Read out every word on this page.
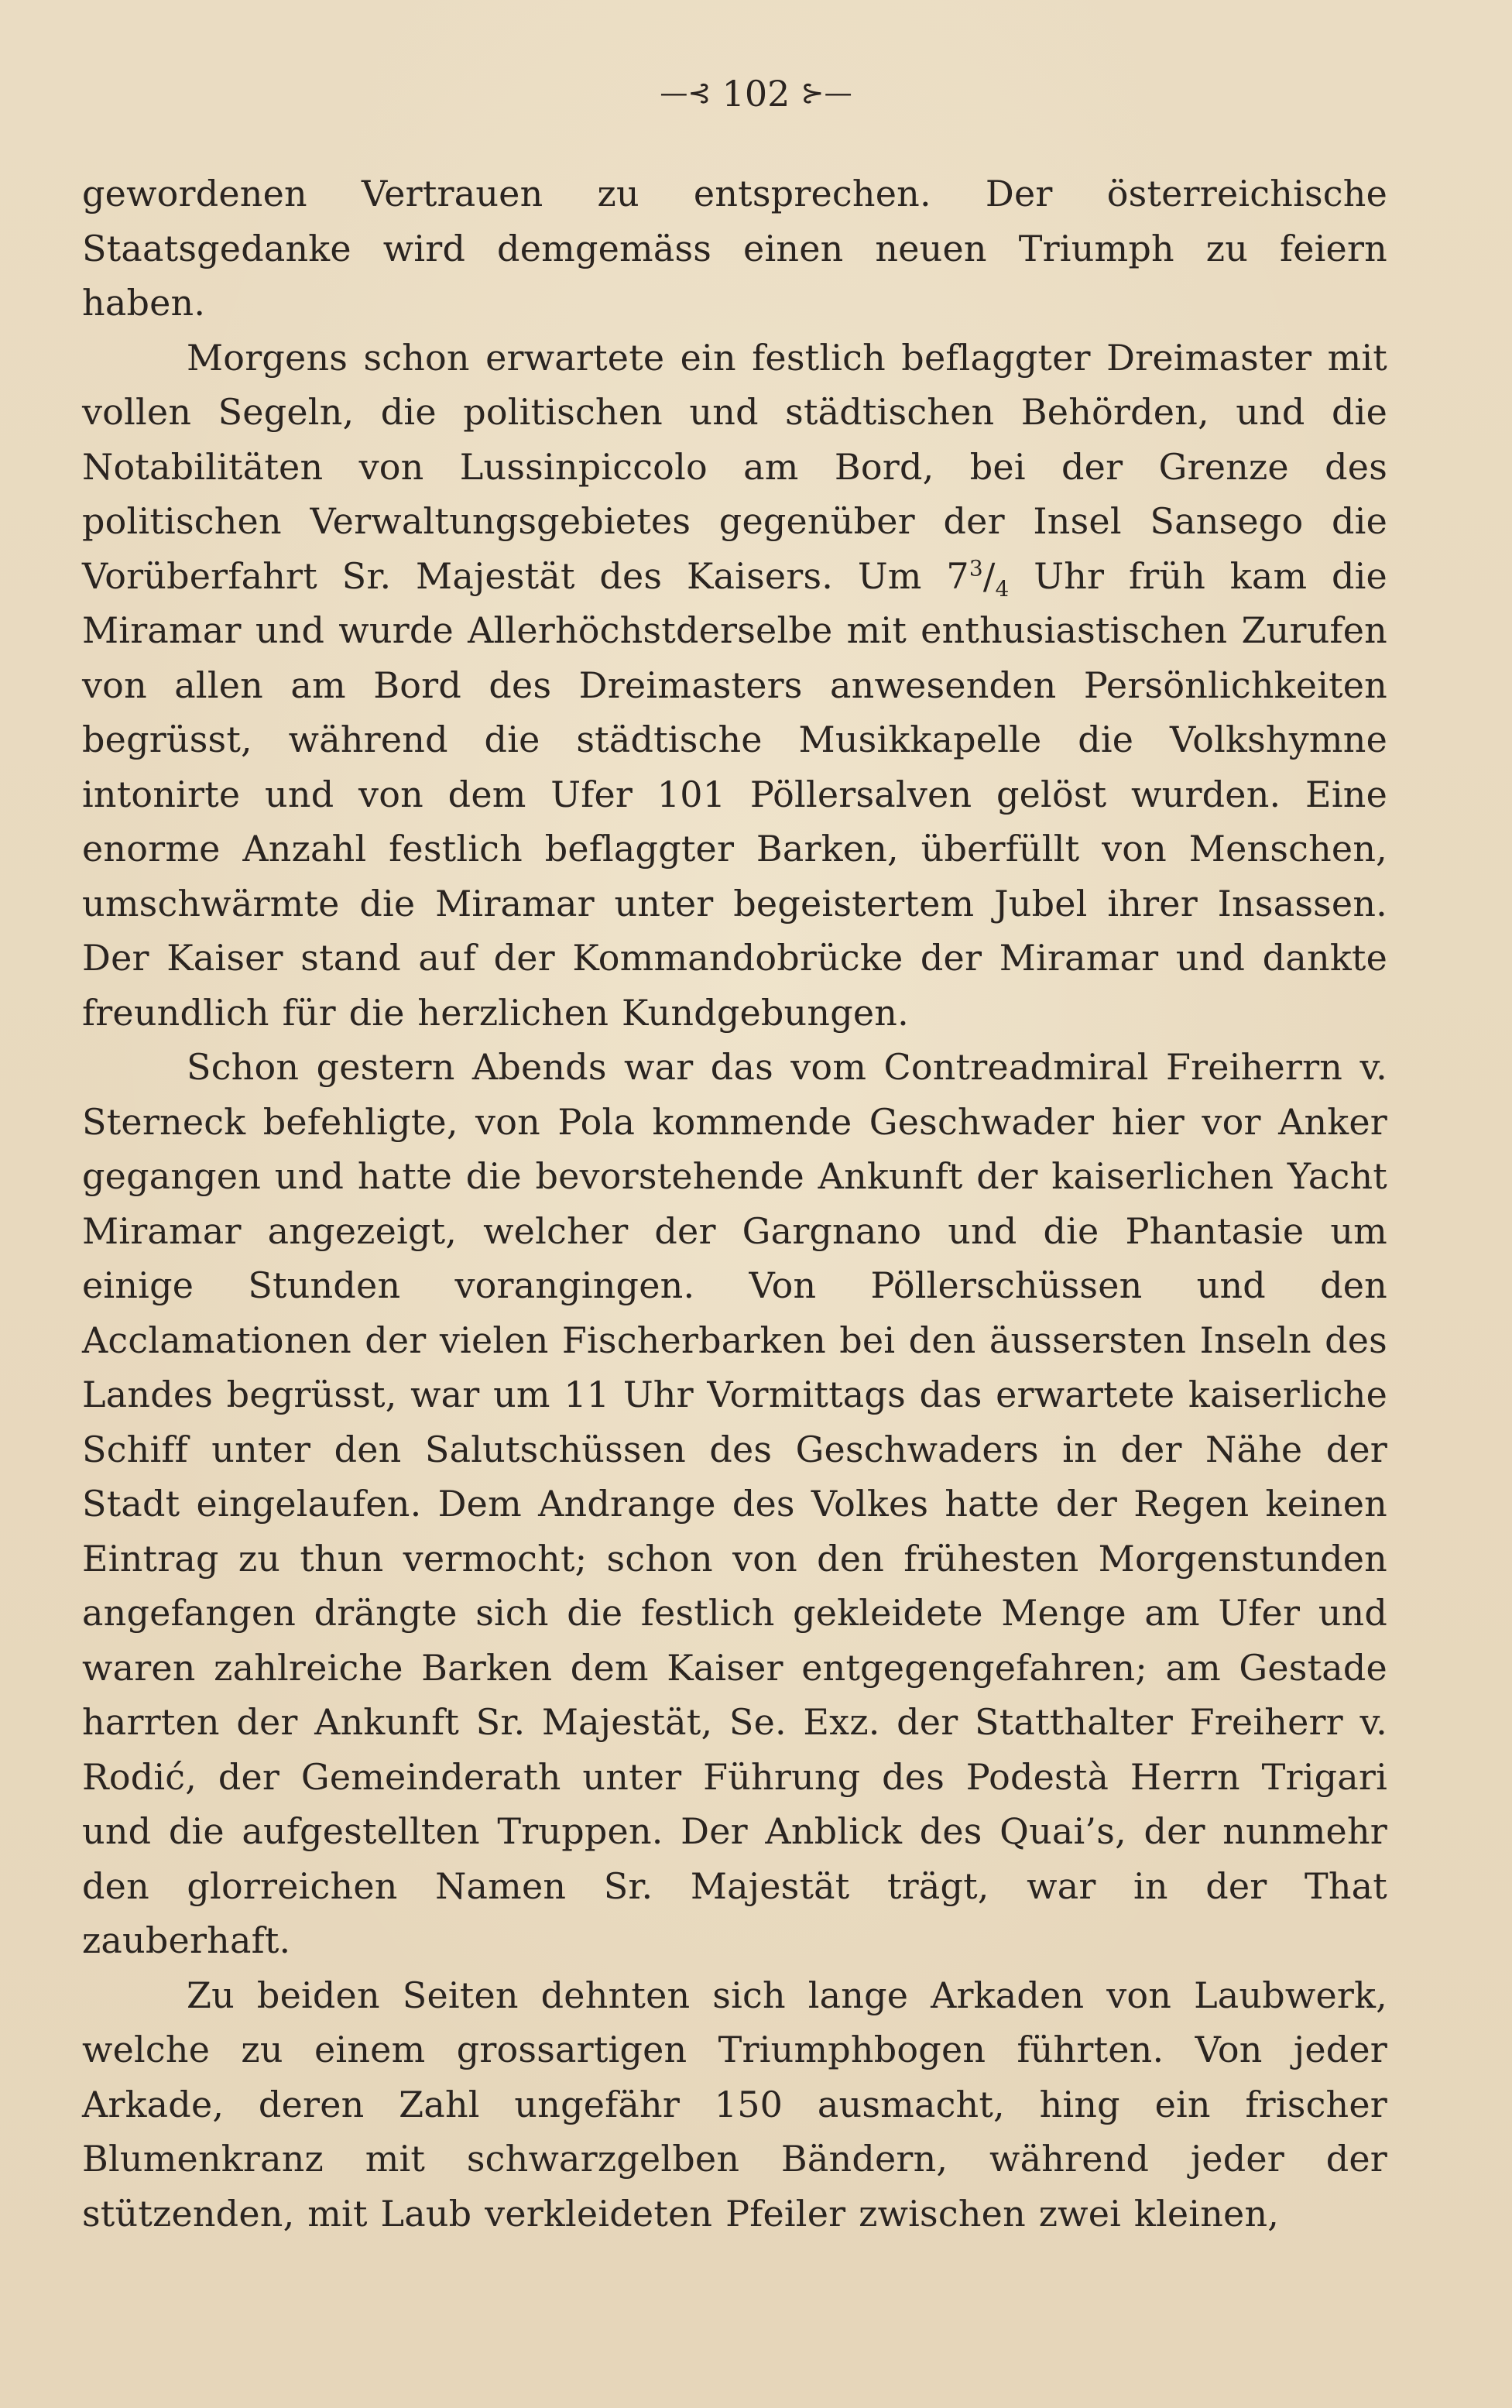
—⊰ 102 ⊱—

gewordenen Vertrauen zu entsprechen. Der österreichische Staatsgedanke wird demgemäss einen neuen Triumph zu feiern haben.

Morgens schon erwartete ein festlich beflaggter Dreimaster mit vollen Segeln, die politischen und städtischen Behörden, und die Notabilitäten von Lussinpiccolo am Bord, bei der Grenze des politischen Verwaltungsgebietes gegenüber der Insel Sansego die Vorüberfahrt Sr. Majestät des Kaisers. Um $7^3/_4$ Uhr früh kam die Miramar und wurde Allerhöchstderselbe mit enthusiastischen Zurufen von allen am Bord des Dreimasters anwesenden Persönlichkeiten begrüsst, während die städtische Musikkapelle die Volkshymne intonirte und von dem Ufer 101 Pöllersalven gelöst wurden. Eine enorme Anzahl festlich beflaggter Barken, überfüllt von Menschen, umschwärmte die Miramar unter begeistertem Jubel ihrer Insassen. Der Kaiser stand auf der Kommandobrücke der Miramar und dankte freundlich für die herzlichen Kundgebungen.

Schon gestern Abends war das vom Contreadmiral Freiherrn v. Sterneck befehligte, von Pola kommende Geschwader hier vor Anker gegangen und hatte die bevorstehende Ankunft der kaiserlichen Yacht Miramar angezeigt, welcher der Gargnano und die Phantasie um einige Stunden vorangingen. Von Pöllerschüssen und den Acclamationen der vielen Fischerbarken bei den äussersten Inseln des Landes begrüsst, war um 11 Uhr Vormittags das erwartete kaiserliche Schiff unter den Salutschüssen des Geschwaders in der Nähe der Stadt eingelaufen. Dem Andrange des Volkes hatte der Regen keinen Eintrag zu thun vermocht; schon von den frühesten Morgenstunden angefangen drängte sich die festlich gekleidete Menge am Ufer und waren zahlreiche Barken dem Kaiser entgegengefahren; am Gestade harrten der Ankunft Sr. Majestät, Se. Exz. der Statthalter Freiherr v. Rodić, der Gemeinderath unter Führung des Podestà Herrn Trigari und die aufgestellten Truppen. Der Anblick des Quai’s, der nunmehr den glorreichen Namen Sr. Majestät trägt, war in der That zauberhaft.

Zu beiden Seiten dehnten sich lange Arkaden von Laubwerk, welche zu einem grossartigen Triumphbogen führten. Von jeder Arkade, deren Zahl ungefähr 150 ausmacht, hing ein frischer Blumenkranz mit schwarzgelben Bändern, während jeder der stützenden, mit Laub verkleideten Pfeiler zwischen zwei kleinen,
